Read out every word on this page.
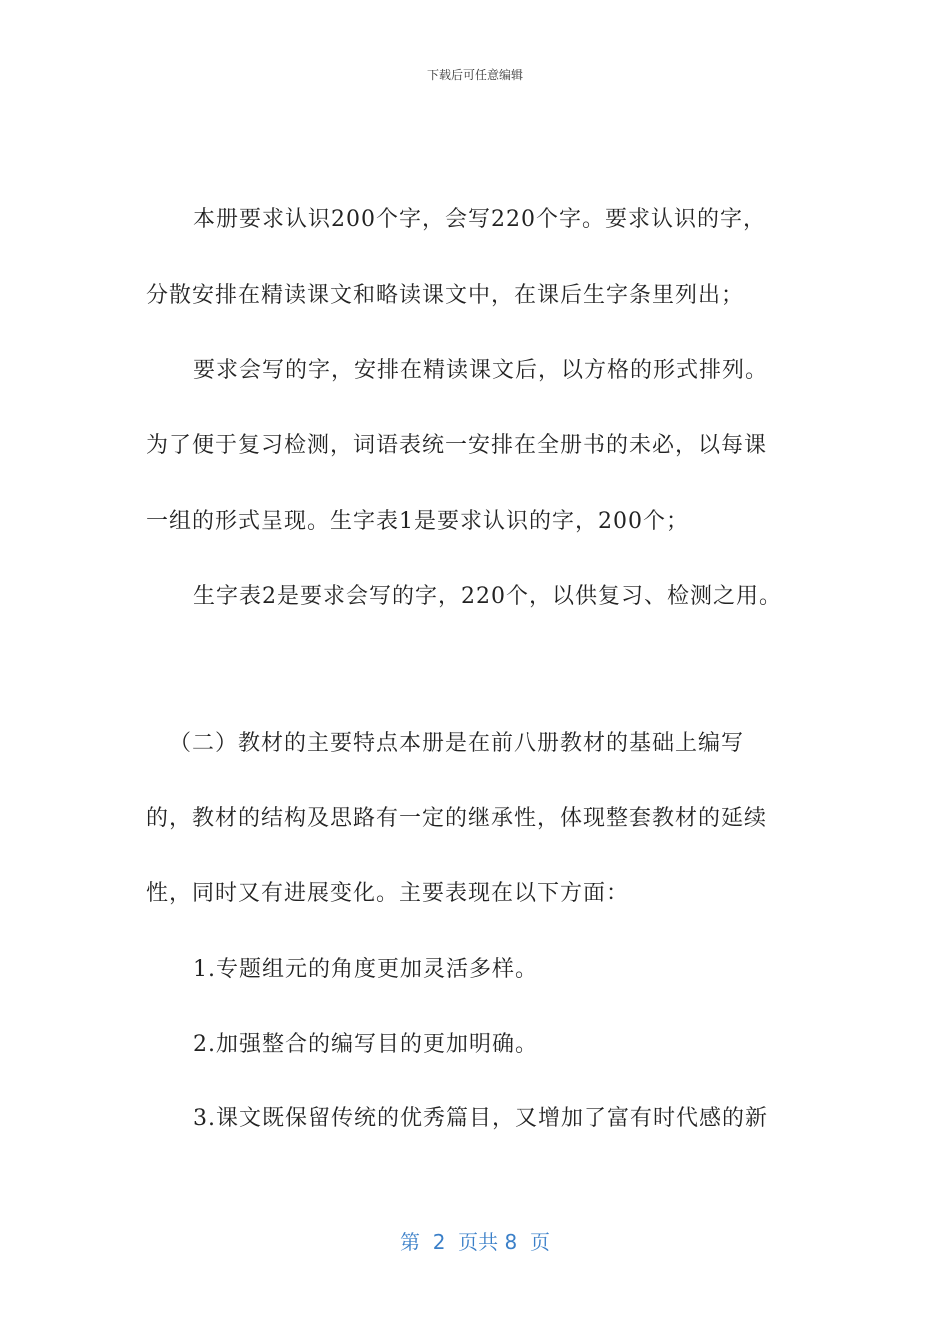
下载后可任意编辑
本册要求认识200个字，会写220个字。要求认识的字，
分散安排在精读课文和略读课文中，在课后生字条里列出；
要求会写的字，安排在精读课文后，以方格的形式排列。
为了便于复习检测，词语表统一安排在全册书的未必，以每课
一组的形式呈现。生字表1是要求认识的字，200个；
生字表2是要求会写的字，220个，以供复习、检测之用。
（二）教材的主要特点本册是在前八册教材的基础上编写
的，教材的结构及思路有一定的继承性，体现整套教材的延续
性，同时又有进展变化。主要表现在以下方面：
1.专题组元的角度更加灵活多样。
2.加强整合的编写目的更加明确。
3.课文既保留传统的优秀篇目，又增加了富有时代感的新
第  2  页共 8  页
